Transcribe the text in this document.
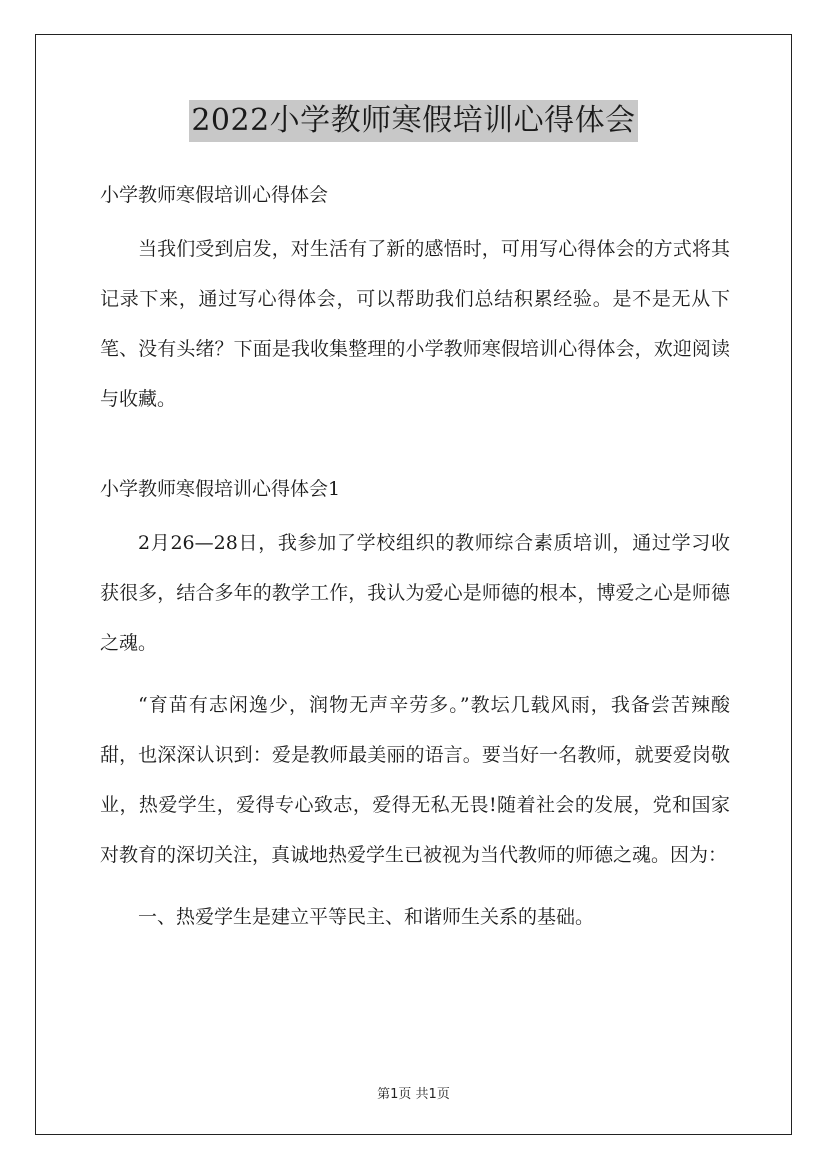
2022小学教师寒假培训心得体会

小学教师寒假培训心得体会

当我们受到启发，对生活有了新的感悟时，可用写心得体会的方式将其记录下来，通过写心得体会，可以帮助我们总结积累经验。是不是无从下笔、没有头绪？下面是我收集整理的小学教师寒假培训心得体会，欢迎阅读与收藏。

小学教师寒假培训心得体会1

2月26—28日，我参加了学校组织的教师综合素质培训，通过学习收获很多，结合多年的教学工作，我认为爱心是师德的根本，博爱之心是师德之魂。

“育苗有志闲逸少，润物无声辛劳多。”教坛几载风雨，我备尝苦辣酸甜，也深深认识到：爱是教师最美丽的语言。要当好一名教师，就要爱岗敬业，热爱学生，爱得专心致志，爱得无私无畏!随着社会的发展，党和国家对教育的深切关注，真诚地热爱学生已被视为当代教师的师德之魂。因为：

一、热爱学生是建立平等民主、和谐师生关系的基础。

第1页 共1页
